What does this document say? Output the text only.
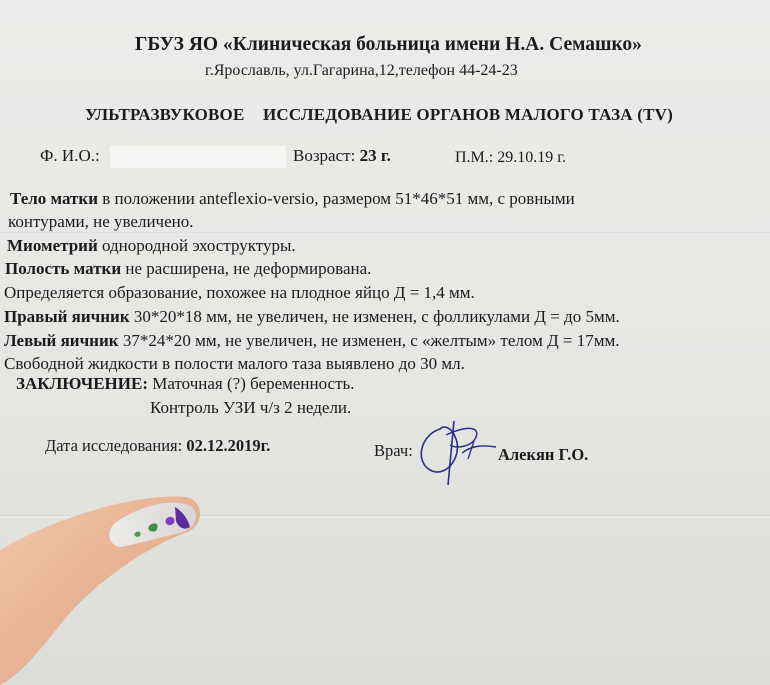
ГБУЗ ЯО «Клиническая больница имени Н.А. Семашко»
г.Ярославль, ул.Гагарина,12,телефон 44-24-23
УЛЬТРАЗВУКОВОЕ ИССЛЕДОВАНИЕ ОРГАНОВ МАЛОГО ТАЗА (TV)
Ф. И.О.:	Возраст: 23 г.	П.М.: 29.10.19 г.
Тело матки в положении anteflexio-versio, размером 51*46*51 мм, с ровными
контурами, не увеличено.
Миометрий однородной эхоструктуры.
Полость матки не расширена, не деформирована.
Определяется образование, похожее на плодное яйцо Д = 1,4 мм.
Правый яичник 30*20*18 мм, не увеличен, не изменен, с фолликулами Д = до 5мм.
Левый яичник 37*24*20 мм, не увеличен, не изменен, с «желтым» телом Д = 17мм.
Свободной жидкости в полости малого таза выявлено до 30 мл.
ЗАКЛЮЧЕНИЕ: Маточная (?) беременность.
Контроль УЗИ ч/з 2 недели.
Дата исследования: 02.12.2019г.	Врач:	Алекян Г.О.
